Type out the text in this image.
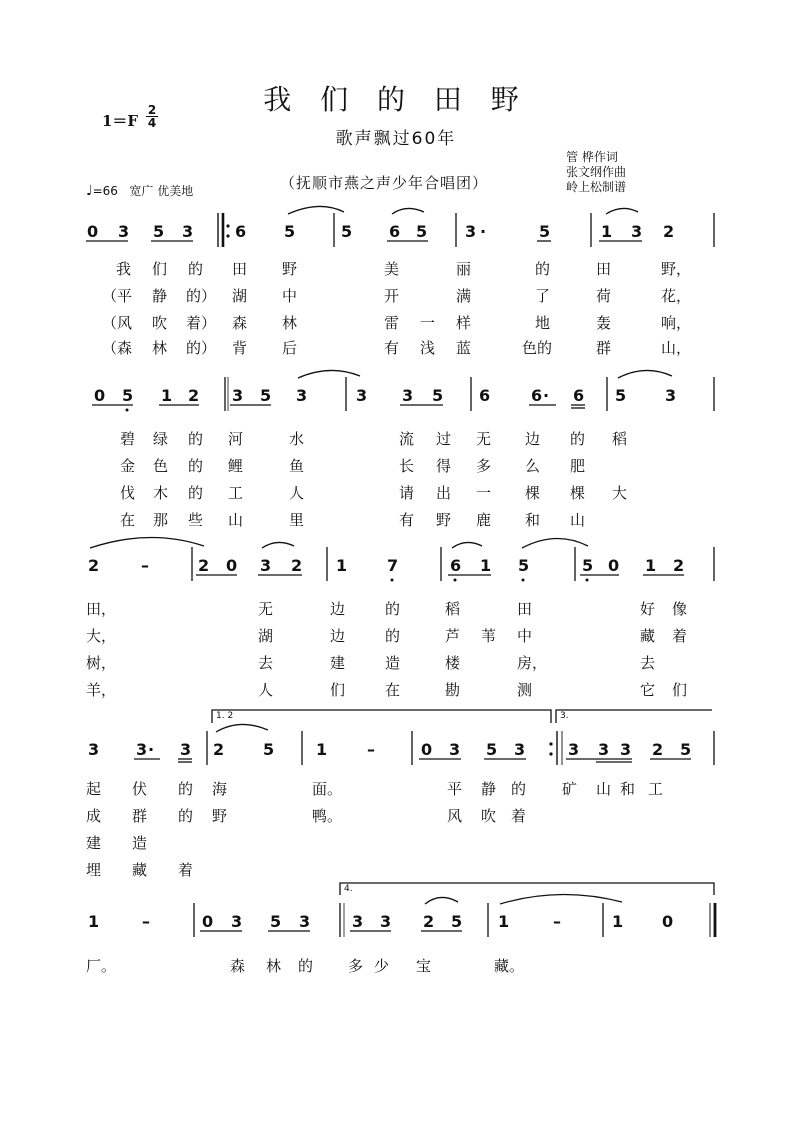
我 们 的 田 野
歌声飘过60年
（抚顺市燕之声少年合唱团）
1＝F
2
4
管 桦作词
张文纲作曲
岭上松制谱
♩=66 宽广 优美地
0 3 5 3	6 5	5 6 5 3 ·	5	1 3 2
我 们 的 田 野	美	丽	的	田	野，
（平 静 的） 湖 中	开	满	了	荷	花，
（风 吹 着） 森 林	雷 一 样	地	轰	响，
（森 林 的） 背 后	有 浅 蓝	色的	群	山，
0 5 1 2 3 5 3	3 3 5 6	6 · 6 5 3
碧 绿 的 河	水	流 过 无 边 的 稻
金 色 的 鲤	鱼	长 得 多 么 肥
伐 木 的 工	人	请 出 一 棵 棵 大
在 那 些 山	里	有 野 鹿 和 山
2	–	2 0 3 2 1 7	6 1 5	5 0 1 2
田，	无	边	的	稻	田	好 像
大，	湖	边	的	芦 苇 中	藏 着
树，	去	建	造	楼	房，	去
羊，	人	们	在	勘	测	它 们
1. 2	3.
3 3 · 3 2 5	1 –	0 3 5 3	3 3 3 2 5
起 伏 的 海	面。	平 静 的 矿 山 和 工
成 群 的 野	鸭。	风 吹 着
建 造
埋 藏 着
4.
1	–	0 3 5 3	3 3 2 5 1	–	1 0
厂。	森 林 的 多 少 宝	藏。
